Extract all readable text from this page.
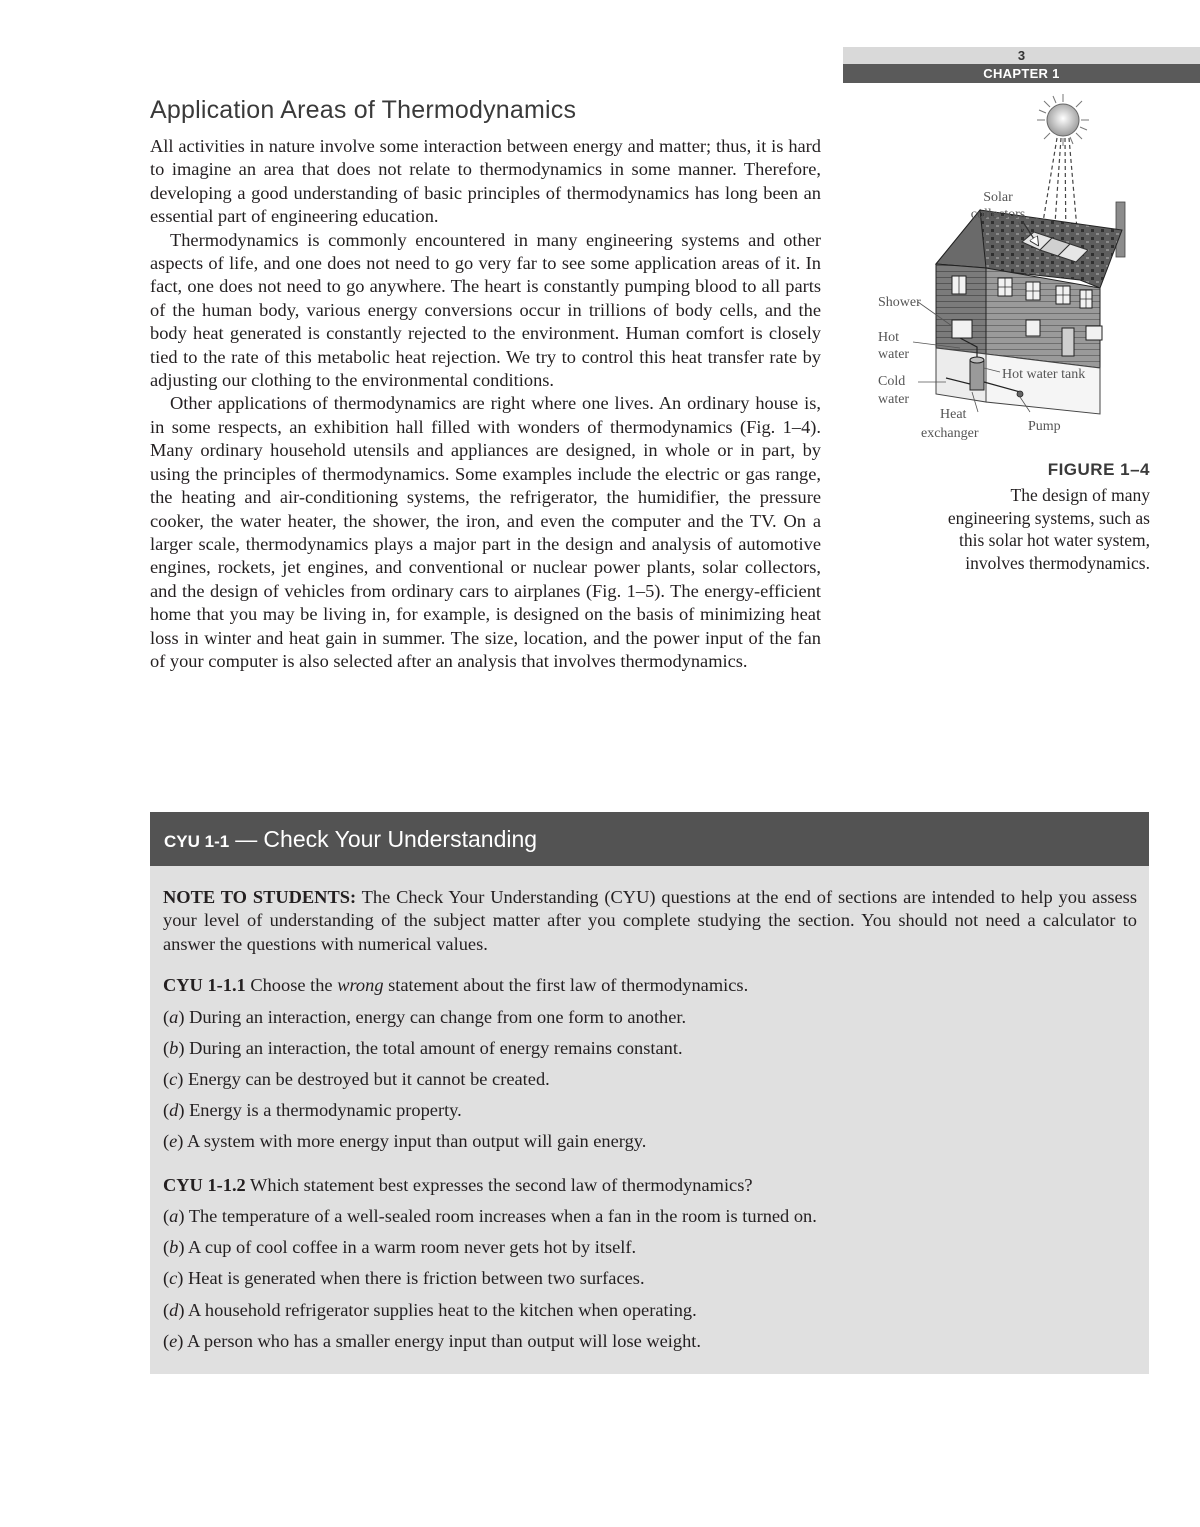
3
CHAPTER 1
Application Areas of Thermodynamics

All activities in nature involve some interaction between energy and matter; thus, it is hard to imagine an area that does not relate to thermodynamics in some manner. Therefore, developing a good understanding of basic principles of thermodynamics has long been an essential part of engineering education.

Thermodynamics is commonly encountered in many engineering systems and other aspects of life, and one does not need to go very far to see some application areas of it. In fact, one does not need to go anywhere. The heart is constantly pumping blood to all parts of the human body, various energy conversions occur in trillions of body cells, and the body heat generated is constantly rejected to the environment. Human comfort is closely tied to the rate of this metabolic heat rejection. We try to control this heat transfer rate by adjusting our clothing to the environmental conditions.

Other applications of thermodynamics are right where one lives. An ordinary house is, in some respects, an exhibition hall filled with wonders of thermodynamics (Fig. 1–4). Many ordinary household utensils and appliances are designed, in whole or in part, by using the principles of thermodynamics. Some examples include the electric or gas range, the heating and air-conditioning systems, the refrigerator, the humidifier, the pressure cooker, the water heater, the shower, the iron, and even the computer and the TV. On a larger scale, thermodynamics plays a major part in the design and analysis of automotive engines, rockets, jet engines, and conventional or nuclear power plants, solar collectors, and the design of vehicles from ordinary cars to airplanes (Fig. 1–5). The energy-efficient home that you may be living in, for example, is designed on the basis of minimizing heat loss in winter and heat gain in summer. The size, location, and the power input of the fan of your computer is also selected after an analysis that involves thermodynamics.

Solar
collectors
Shower
Hot
water
Cold
water
Hot water tank
Heat
exchanger	Pump
FIGURE 1–4
The design of many engineering systems, such as this solar hot water system, involves thermodynamics.
CYU 1-1 — Check Your Understanding

NOTE TO STUDENTS: The Check Your Understanding (CYU) questions at the end of sections are intended to help you assess your level of understanding of the subject matter after you complete studying the section. You should not need a calculator to answer the questions with numerical values.

CYU 1-1.1 Choose the wrong statement about the first law of thermodynamics.

(a) During an interaction, energy can change from one form to another.

(b) During an interaction, the total amount of energy remains constant.

(c) Energy can be destroyed but it cannot be created.

(d) Energy is a thermodynamic property.

(e) A system with more energy input than output will gain energy.

CYU 1-1.2 Which statement best expresses the second law of thermodynamics?

(a) The temperature of a well-sealed room increases when a fan in the room is turned on.

(b) A cup of cool coffee in a warm room never gets hot by itself.

(c) Heat is generated when there is friction between two surfaces.

(d) A household refrigerator supplies heat to the kitchen when operating.

(e) A person who has a smaller energy input than output will lose weight.
